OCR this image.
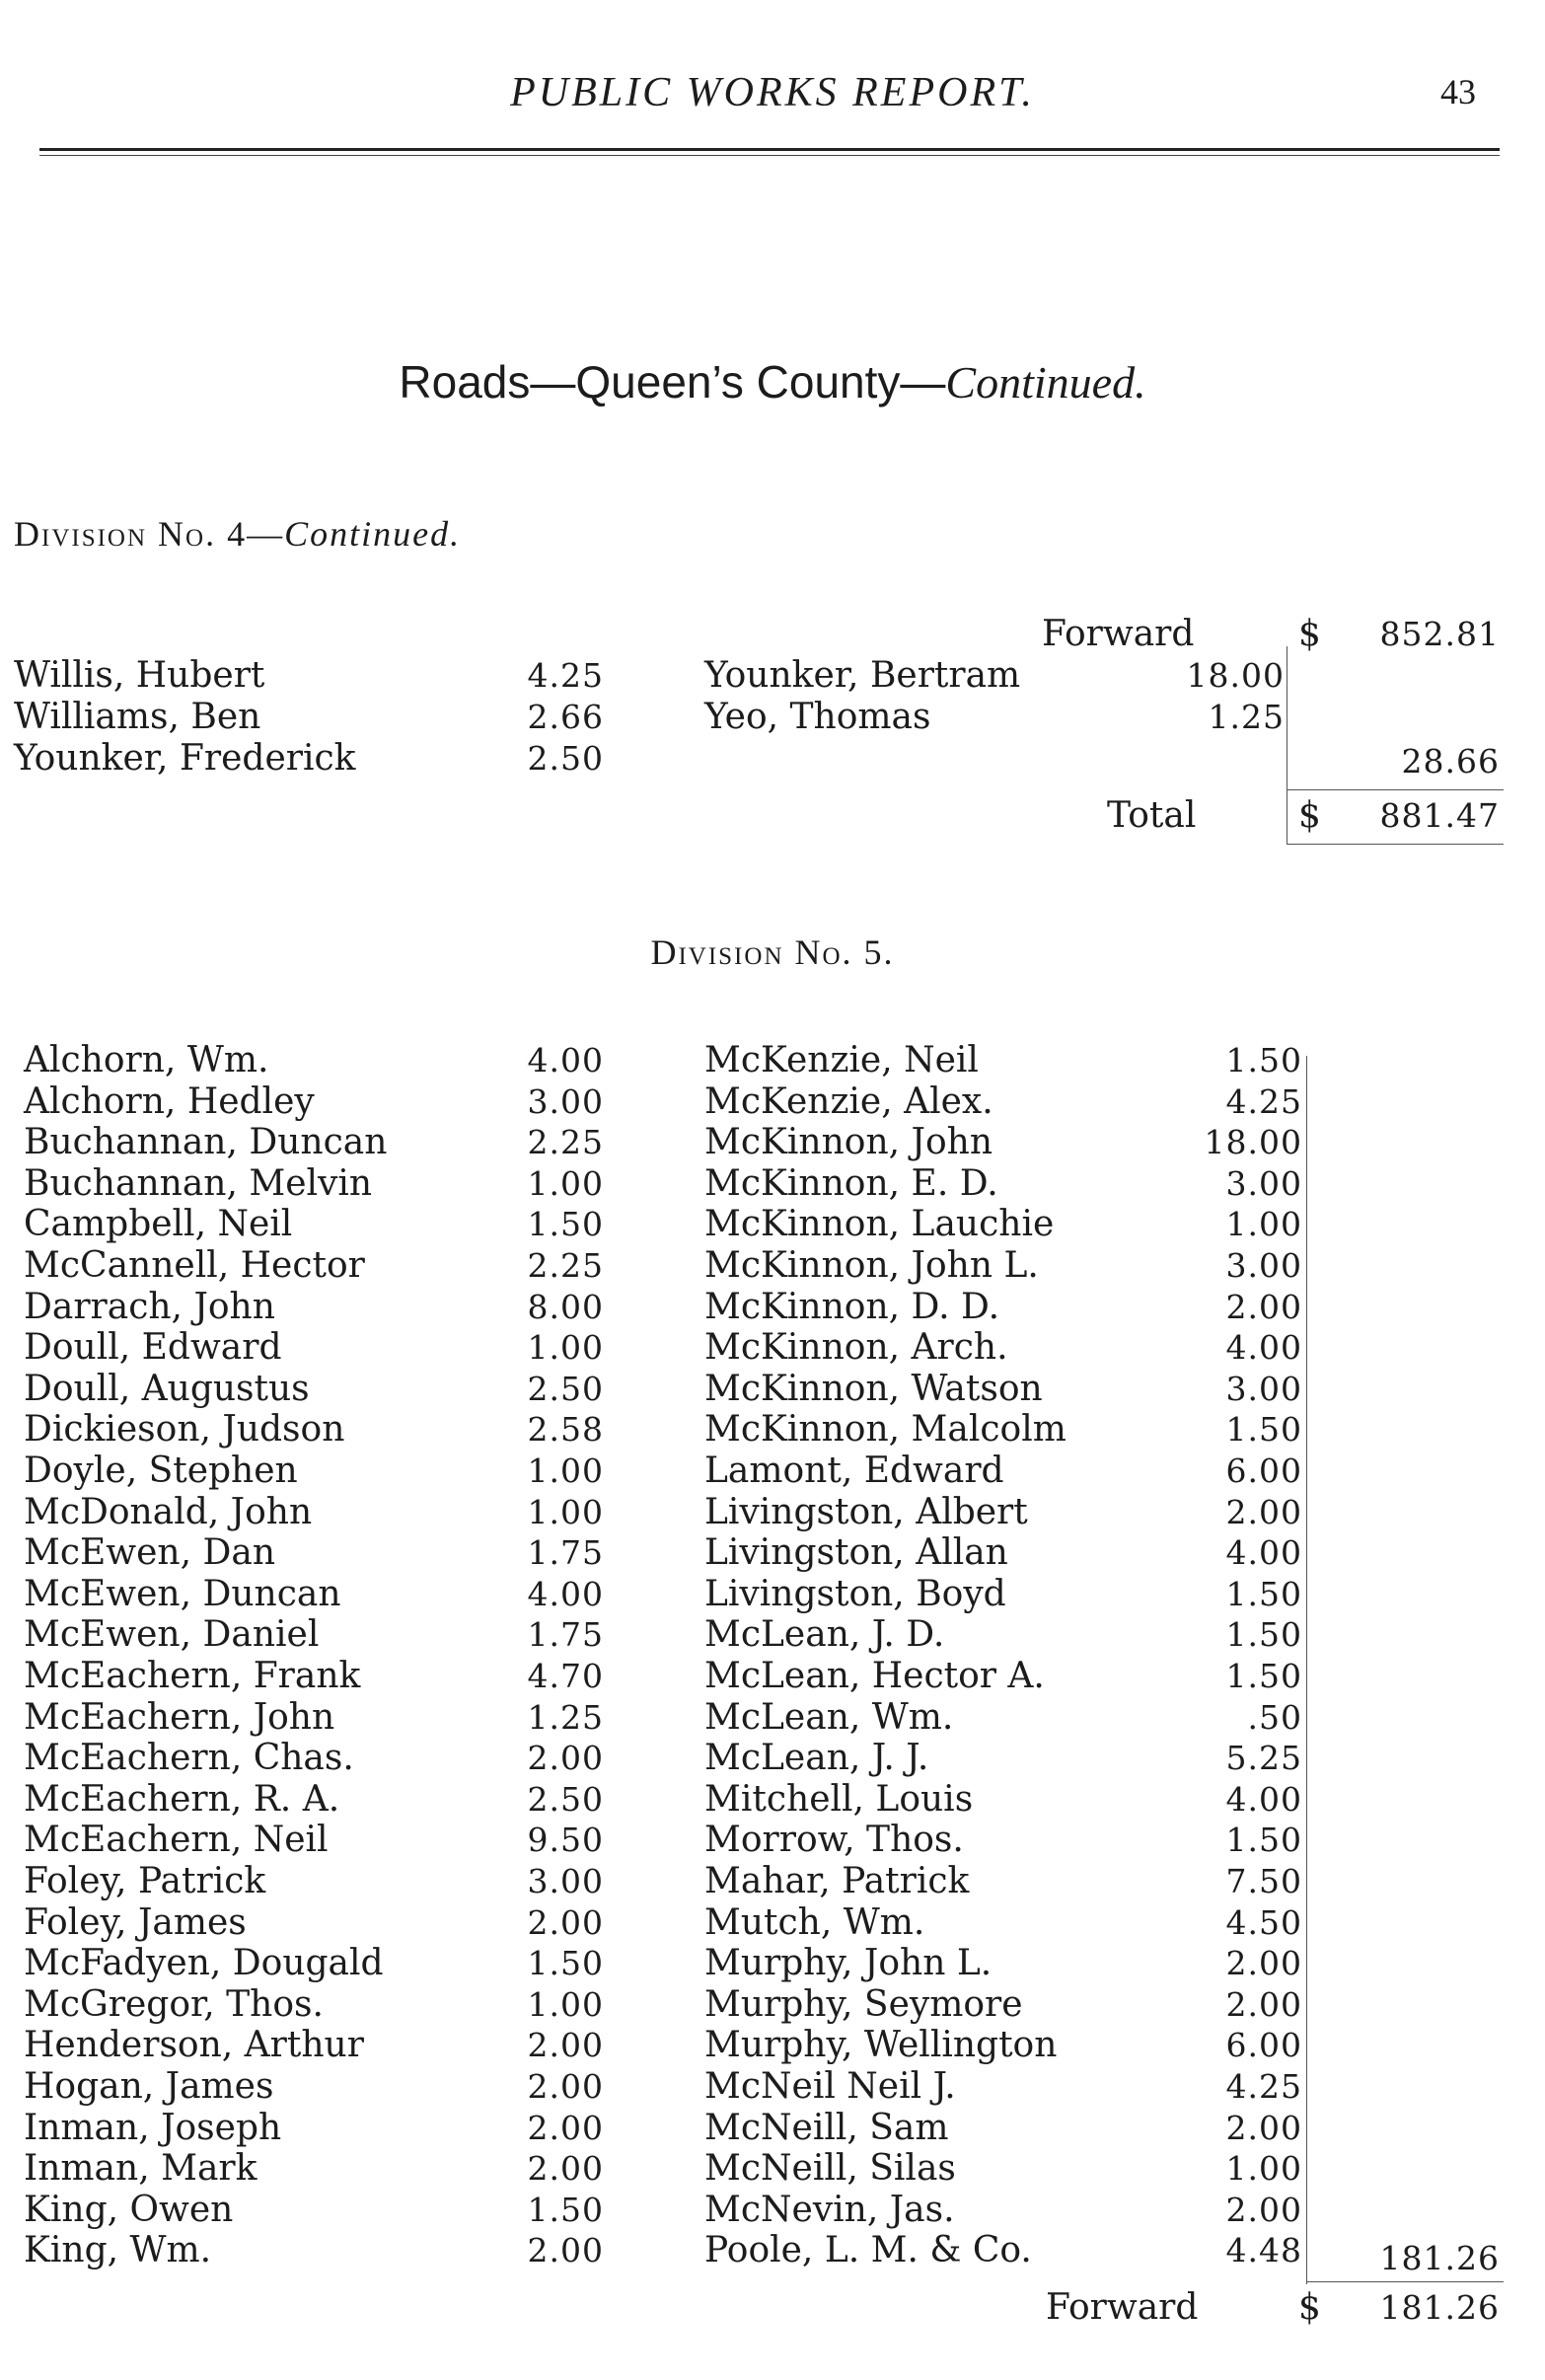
PUBLIC WORKS REPORT.	43
Roads—Queen’s County—Continued.
Division No. 4—Continued.
Forward	$	852.81
Willis, Hubert	4.25
Williams, Ben	2.66
Younker, Frederick	2.50
Younker, Bertram	18.00
Yeo, Thomas	1.25
28.66
Total	$	881.47
Division No. 5.
Alchorn, Wm.	4.00
Alchorn, Hedley	3.00
Buchannan, Duncan	2.25
Buchannan, Melvin	1.00
Campbell, Neil	1.50
McCannell, Hector	2.25
Darrach, John	8.00
Doull, Edward	1.00
Doull, Augustus	2.50
Dickieson, Judson	2.58
Doyle, Stephen	1.00
McDonald, John	1.00
McEwen, Dan	1.75
McEwen, Duncan	4.00
McEwen, Daniel	1.75
McEachern, Frank	4.70
McEachern, John	1.25
McEachern, Chas.	2.00
McEachern, R. A.	2.50
McEachern, Neil	9.50
Foley, Patrick	3.00
Foley, James	2.00
McFadyen, Dougald	1.50
McGregor, Thos.	1.00
Henderson, Arthur	2.00
Hogan, James	2.00
Inman, Joseph	2.00
Inman, Mark	2.00
King, Owen	1.50
King, Wm.	2.00
McKenzie, Neil	1.50
McKenzie, Alex.	4.25
McKinnon, John	18.00
McKinnon, E. D.	3.00
McKinnon, Lauchie	1.00
McKinnon, John L.	3.00
McKinnon, D. D.	2.00
McKinnon, Arch.	4.00
McKinnon, Watson	3.00
McKinnon, Malcolm	1.50
Lamont, Edward	6.00
Livingston, Albert	2.00
Livingston, Allan	4.00
Livingston, Boyd	1.50
McLean, J. D.	1.50
McLean, Hector A.	1.50
McLean, Wm.	.50
McLean, J. J.	5.25
Mitchell, Louis	4.00
Morrow, Thos.	1.50
Mahar, Patrick	7.50
Mutch, Wm.	4.50
Murphy, John L.	2.00
Murphy, Seymore	2.00
Murphy, Wellington	6.00
McNeil Neil J.	4.25
McNeill, Sam	2.00
McNeill, Silas	1.00
McNevin, Jas.	2.00
Poole, L. M. & Co.	4.48	181.26
Forward	$	181.26
